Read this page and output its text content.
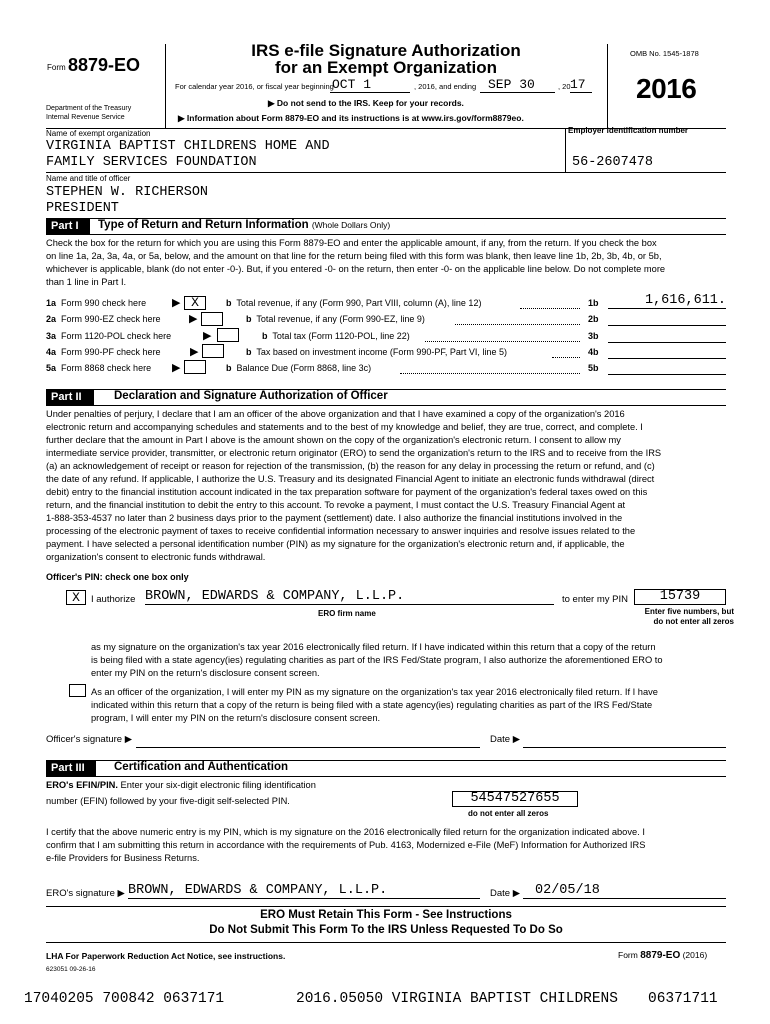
Form 8879-EO
Department of the Treasury
Internal Revenue Service
IRS e-file Signature Authorization
for an Exempt Organization
For calendar year 2016, or fiscal year beginning
OCT 1	, 2016, and ending SEP 30	, 20 17
▶ Do not send to the IRS. Keep for your records.
▶ Information about Form 8879-EO and its instructions is at www.irs.gov/form8879eo.
OMB No. 1545-1878
2016
Name of exempt organization
VIRGINIA BAPTIST CHILDRENS HOME AND
FAMILY SERVICES FOUNDATION
Employer identification number
56-2607478
Name and title of officer
STEPHEN W. RICHERSON
PRESIDENT
Part I	Type of Return and Return Information (Whole Dollars Only)
Check the box for the return for which you are using this Form 8879-EO and enter the applicable amount, if any, from the return. If you check the box
on line 1a, 2a, 3a, 4a, or 5a, below, and the amount on that line for the return being filed with this form was blank, then leave line 1b, 2b, 3b, 4b, or 5b,
whichever is applicable, blank (do not enter -0-). But, if you entered -0- on the return, then enter -0- on the applicable line below. Do not complete more
than 1 line in Part I.
1a Form 990 check here ▶ X	b Total revenue, if any (Form 990, Part VIII, column (A), line 12)	1b	1,616,611.
2a Form 990-EZ check here	▶	b Total revenue, if any (Form 990-EZ, line 9)	2b
3a Form 1120-POL check here	▶	b Total tax (Form 1120-POL, line 22)	3b
4a Form 990-PF check here	▶	b Tax based on investment income (Form 990-PF, Part VI, line 5)	4b
5a Form 8868 check here ▶	b Balance Due (Form 8868, line 3c)	5b
Part II	Declaration and Signature Authorization of Officer
Under penalties of perjury, I declare that I am an officer of the above organization and that I have examined a copy of the organization's 2016
electronic return and accompanying schedules and statements and to the best of my knowledge and belief, they are true, correct, and complete. I
further declare that the amount in Part I above is the amount shown on the copy of the organization's electronic return. I consent to allow my
intermediate service provider, transmitter, or electronic return originator (ERO) to send the organization's return to the IRS and to receive from the IRS
(a) an acknowledgement of receipt or reason for rejection of the transmission, (b) the reason for any delay in processing the return or refund, and (c)
the date of any refund. If applicable, I authorize the U.S. Treasury and its designated Financial Agent to initiate an electronic funds withdrawal (direct
debit) entry to the financial institution account indicated in the tax preparation software for payment of the organization's federal taxes owed on this
return, and the financial institution to debit the entry to this account. To revoke a payment, I must contact the U.S. Treasury Financial Agent at
1-888-353-4537 no later than 2 business days prior to the payment (settlement) date. I also authorize the financial institutions involved in the
processing of the electronic payment of taxes to receive confidential information necessary to answer inquiries and resolve issues related to the
payment. I have selected a personal identification number (PIN) as my signature for the organization's electronic return and, if applicable, the
organization's consent to electronic funds withdrawal.
Officer's PIN: check one box only
X	I authorize BROWN, EDWARDS & COMPANY, L.L.P.
ERO firm name
to enter my PIN	15739
Enter five numbers, but
do not enter all zeros
as my signature on the organization's tax year 2016 electronically filed return. If I have indicated within this return that a copy of the return
is being filed with a state agency(ies) regulating charities as part of the IRS Fed/State program, I also authorize the aforementioned ERO to
enter my PIN on the return's disclosure consent screen.
As an officer of the organization, I will enter my PIN as my signature on the organization's tax year 2016 electronically filed return. If I have
indicated within this return that a copy of the return is being filed with a state agency(ies) regulating charities as part of the IRS Fed/State
program, I will enter my PIN on the return's disclosure consent screen.
Officer's signature ▶	Date ▶
Part III	Certification and Authentication
ERO's EFIN/PIN. Enter your six-digit electronic filing identification
number (EFIN) followed by your five-digit self-selected PIN.	54547527655
do not enter all zeros
I certify that the above numeric entry is my PIN, which is my signature on the 2016 electronically filed return for the organization indicated above. I
confirm that I am submitting this return in accordance with the requirements of Pub. 4163, Modernized e-File (MeF) Information for Authorized IRS
e-file Providers for Business Returns.
ERO's signature ▶ BROWN, EDWARDS & COMPANY, L.L.P.	Date ▶	02/05/18
ERO Must Retain This Form - See Instructions
Do Not Submit This Form To the IRS Unless Requested To Do So
LHA For Paperwork Reduction Act Notice, see instructions.	Form 8879-EO (2016)
623051 09-26-16
17040205 700842 0637171	2016.05050 VIRGINIA BAPTIST CHILDRENS 06371711
